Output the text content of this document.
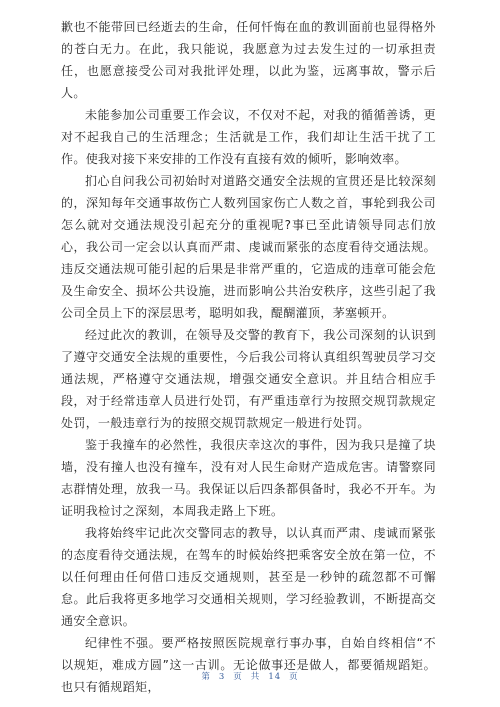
歉也不能带回已经逝去的生命，任何忏悔在血的教训面前也显得格外的苍白无力。在此，我只能说，我愿意为过去发生过的一切承担责任，也愿意接受公司对我批评处理，以此为鉴，远离事故，警示后人。

未能参加公司重要工作会议，不仅对不起，对我的循循善诱，更对不起我自己的生活理念；生活就是工作，我们却让生活干扰了工作。使我对接下来安排的工作没有直接有效的倾听，影响效率。

扪心自问我公司初始时对道路交通安全法规的宣贯还是比较深刻的，深知每年交通事故伤亡人数列国家伤亡人数之首，事轮到我公司怎么就对交通法规没引起充分的重视呢?事已至此请领导同志们放心，我公司一定会以认真而严肃、虔诚而紧张的态度看待交通法规。违反交通法规可能引起的后果是非常严重的，它造成的违章可能会危及生命安全、损坏公共设施，进而影响公共治安秩序，这些引起了我公司全员上下的深层思考，聪明如我，醍醐灌顶，茅塞顿开。

经过此次的教训，在领导及交警的教育下，我公司深刻的认识到了遵守交通安全法规的重要性，今后我公司将认真组织驾驶员学习交通法规，严格遵守交通法规，增强交通安全意识。并且结合相应手段，对于经常违章人员进行处罚，有严重违章行为按照交规罚款规定处罚，一般违章行为的按照交规罚款规定一般进行处罚。

鉴于我撞车的必然性，我很庆幸这次的事件，因为我只是撞了块墙，没有撞人也没有撞车，没有对人民生命财产造成危害。请警察同志群情处理，放我一马。我保证以后四条都俱备时，我必不开车。为证明我检讨之深刻，本周我走路上下班。

我将始终牢记此次交警同志的教导，以认真而严肃、虔诚而紧张的态度看待交通法规，在驾车的时候始终把乘客安全放在第一位，不以任何理由任何借口违反交通规则，甚至是一秒钟的疏忽都不可懈怠。此后我将更多地学习交通相关规则，学习经验教训，不断提高交通安全意识。

纪律性不强。要严格按照医院规章行事办事，自始自终相信“不以规矩，难成方圆”这一古训。无论做事还是做人，都要循规蹈矩。也只有循规蹈矩，

第 3 页 共 14 页
